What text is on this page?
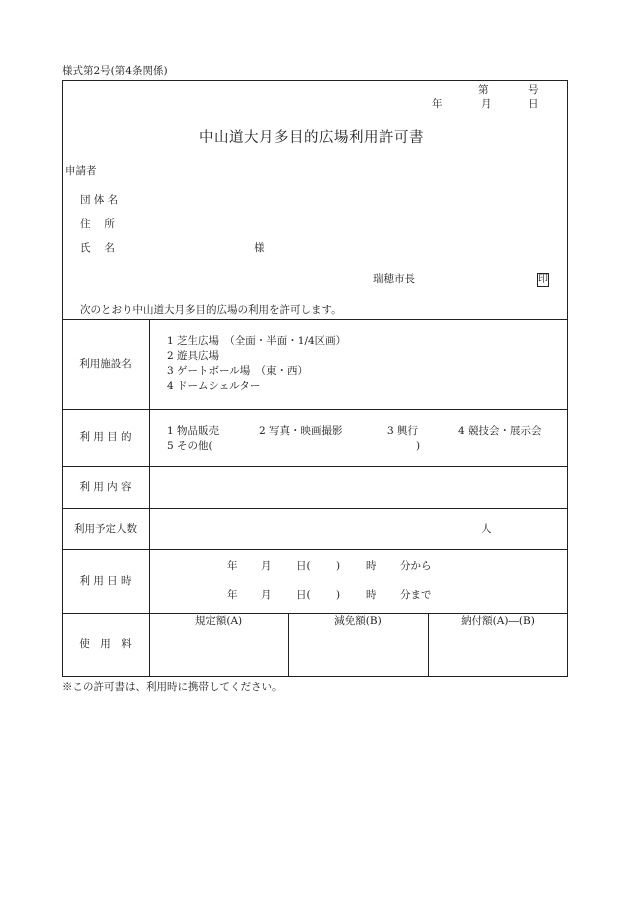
様式第2号(第4条関係)
第	号
年	月	日
中山道大月多目的広場利用許可書
申請者
団 体 名
住　 所
氏　 名	様
瑞穂市長	印
次のとおり中山道大月多目的広場の利用を許可します。
利用施設名
1 芝生広場　（全面・半面・1/4区画）
2 遊具広場
3 ゲートボール場　（東・西）
4 ドームシェルター
利 用 目 的	1 物品販売	2 写真・映画撮影	3 興行	4 競技会・展示会
5 その他(	)
利 用 内 容
利用予定人数	人
利 用 日 時
年 月 日( ) 時 分から
年 月 日( ) 時 分まで
使　用　料
規定額(A)	減免額(B)	納付額(A)―(B)
※この許可書は、利用時に携帯してください。
